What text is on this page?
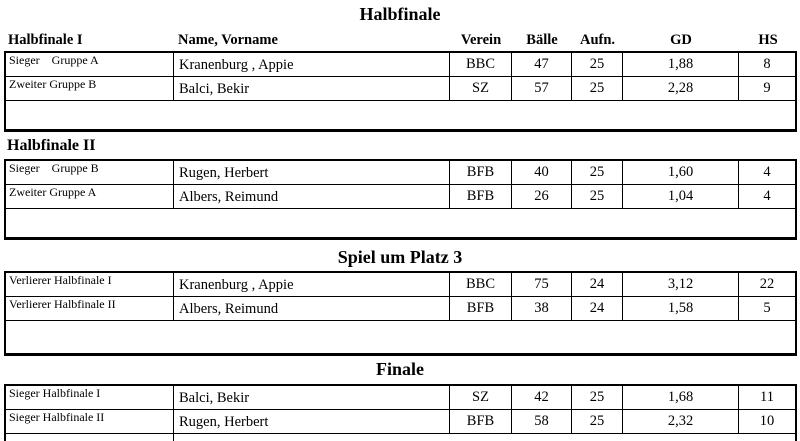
Halbfinale
Halbfinale I	Name, Vorname	Verein	Bälle	Aufn.	GD	HS
Sieger    Gruppe A	Kranenburg , Appie	BBC	47	25	1,88	8
Zweiter Gruppe B	Balci, Bekir	SZ	57	25	2,28	9
Halbfinale II
Sieger    Gruppe B	Rugen, Herbert	BFB	40	25	1,60	4
Zweiter Gruppe A	Albers, Reimund	BFB	26	25	1,04	4
Spiel um Platz 3
Verlierer Halbfinale I	Kranenburg , Appie	BBC	75	24	3,12	22
Verlierer Halbfinale II	Albers, Reimund	BFB	38	24	1,58	5
Finale
Sieger Halbfinale I	Balci, Bekir	SZ	42	25	1,68	11
Sieger Halbfinale II	Rugen, Herbert	BFB	58	25	2,32	10
